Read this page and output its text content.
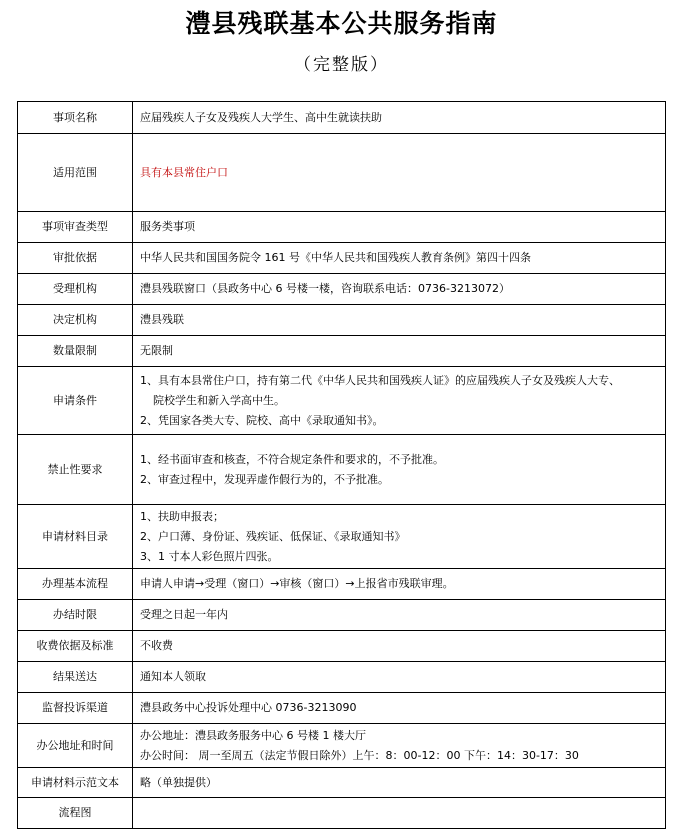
澧县残联基本公共服务指南
（完整版）
事项名称	应届残疾人子女及残疾人大学生、高中生就读扶助
适用范围	具有本县常住户口
事项审查类型	服务类事项
审批依据	中华人民共和国国务院令 161 号《中华人民共和国残疾人教育条例》第四十四条
受理机构	澧县残联窗口（县政务中心 6 号楼一楼，咨询联系电话：0736-3213072）
决定机构	澧县残联
数量限制	无限制
申请条件	1、具有本县常住户口，持有第二代《中华人民共和国残疾人证》的应届残疾人子女及残疾人大专、
院校学生和新入学高中生。
2、凭国家各类大专、院校、高中《录取通知书》。

禁止性要求	1、经书面审查和核查，不符合规定条件和要求的，不予批准。
2、审查过程中，发现弄虚作假行为的，不予批准。

申请材料目录	1、扶助申报表；
2、户口薄、身份证、残疾证、低保证、《录取通知书》
3、1 寸本人彩色照片四张。

办理基本流程	申请人申请→受理（窗口）→审核（窗口）→上报省市残联审理。
办结时限	受理之日起一年内
收费依据及标准	不收费
结果送达	通知本人领取
监督投诉渠道	澧县政务中心投诉处理中心 0736-3213090
办公地址和时间	办公地址：澧县政务服务中心 6 号楼 1 楼大厅
办公时间： 周一至周五（法定节假日除外）上午：8：00-12：00 下午：14：30-17：30

申请材料示范文本	略（单独提供）
流程图	
